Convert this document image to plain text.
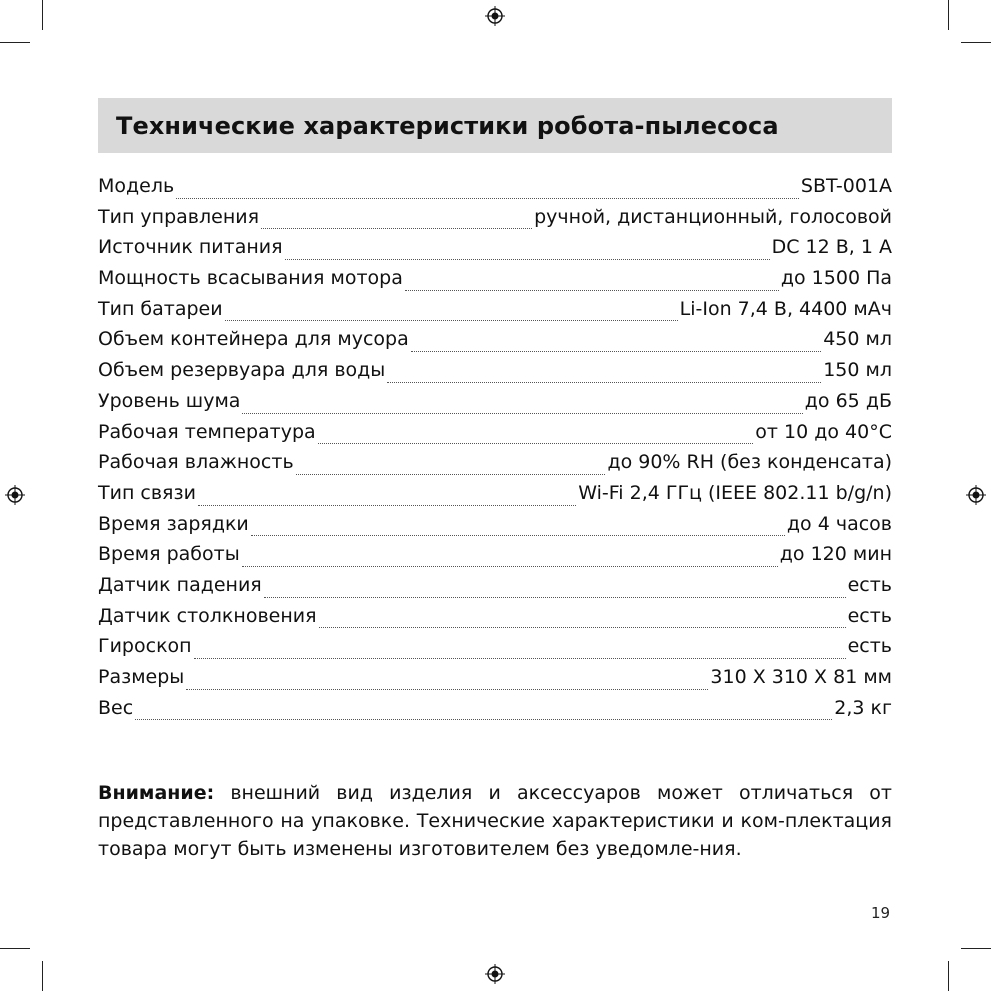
Технические характеристики робота-пылесоса
Модель	SBT-001A
Тип управления	ручной, дистанционный, голосовой
Источник питания	DC 12 В, 1 А
Мощность всасывания мотора	до 1500 Па
Тип батареи	Li-Ion 7,4 В, 4400 мАч
Объем контейнера для мусора	450 мл
Объем резервуара для воды	150 мл
Уровень шума	до 65 дБ
Рабочая температура	от 10 до 40°C
Рабочая влажность	до 90% RH (без конденсата)
Тип связи	Wi-Fi 2,4 ГГц (IEEE 802.11 b/g/n)
Время зарядки	до 4 часов
Время работы	до 120 мин
Датчик падения	есть
Датчик столкновения	есть
Гироскоп	есть
Размеры	310 X 310 X 81 мм
Вес	2,3 кг

Внимание: внешний вид изделия и аксессуаров может отличаться от представленного на упаковке. Технические характеристики и ком-плектация товара могут быть изменены изготовителем без уведомле-ния.

19
